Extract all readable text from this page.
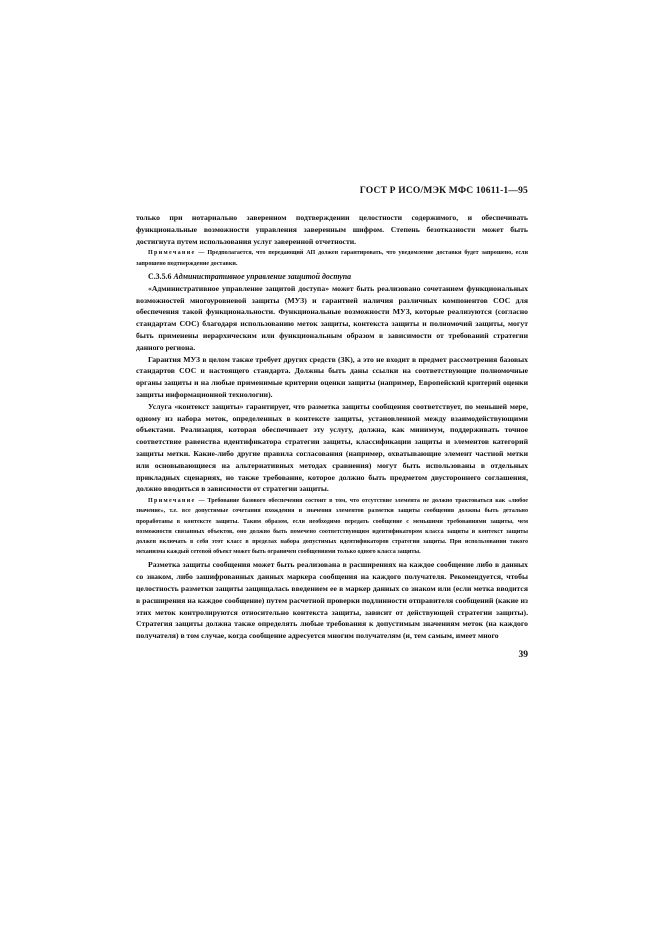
ГОСТ Р ИСО/МЭК МФС 10611-1—95

только при нотариально заверенном подтверждении целостности содержимого, и обеспечивать функциональные возможности управления заверенным шифром. Степень безотказности может быть достигнута путем использования услуг заверенной отчетности.

Примечание — Предполагается, что передающий АП должен гарантировать, что уведомление доставки будет запрошено, если запрошено подтверждение доставки.

С.3.5.6 Административное управление защитой доступа

«Административное управление защитой доступа» может быть реализовано сочетанием функциональных возможностей многоуровневой защиты (МУЗ) и гарантией наличия различных компонентов СОС для обеспечения такой функциональности. Функциональные возможности МУЗ, которые реализуются (согласно стандартам СОС) благодаря использованию меток защиты, контекста защиты и полномочий защиты, могут быть применены иерархическим или функциональным образом в зависимости от требований стратегии данного региона.

Гарантия МУЗ в целом также требует других средств (ЗК), а это не входит в предмет рассмотрения базовых стандартов СОС и настоящего стандарта. Должны быть даны ссылки на соответствующие полномочные органы защиты и на любые применимые критерии оценки защиты (например, Европейский критерий оценки защиты информационной технологии).

Услуга «контекст защиты» гарантирует, что разметка защиты сообщения соответствует, по меньшей мере, одному из набора меток, определенных в контексте защиты, установленной между взаимодействующими объектами. Реализация, которая обеспечивает эту услугу, должна, как минимум, поддерживать точное соответствие равенства идентификатора стратегии защиты, классификации защиты и элементов категорий защиты метки. Какие-либо другие правила согласования (например, охватывающие элемент частной метки или основывающиеся на альтернативных методах сравнения) могут быть использованы в отдельных прикладных сценариях, но также требование, которое должно быть предметом двустороннего соглашения, должно вводиться в зависимости от стратегии защиты.

Примечание — Требование базового обеспечения состоит в том, что отсутствие элемента не должно трактоваться как «любое значение», т.е. все допустимые сочетания вхождения и значения элементов разметки защиты сообщения должны быть детально проработаны в контексте защиты. Таким образом, если необходимо передать сообщение с меньшими требованиями защиты, чем возможности связанных объектов, оно должно быть помечено соответствующим идентификатором класса защиты и контекст защиты должен включать в себя этот класс в пределах набора допустимых идентификаторов стратегии защиты. При использовании такого механизма каждый сетевой объект может быть ограничен сообщениями только одного класса защиты.

Разметка защиты сообщения может быть реализована в расширениях на каждое сообщение либо в данных со знаком, либо зашифрованных данных маркера сообщения на каждого получателя. Рекомендуется, чтобы целостность разметки защиты защищалась введением ее в маркер данных со знаком или (если метка вводится в расширения на каждое сообщение) путем расчетной проверки подлинности отправителя сообщений (какие из этих меток контролируются относительно контекста защиты, зависит от действующей стратегии защиты). Стратегия защиты должна также определять любые требования к допустимым значениям меток (на каждого получателя) в том случае, когда сообщение адресуется многим получателям (и, тем самым, имеет много

39
